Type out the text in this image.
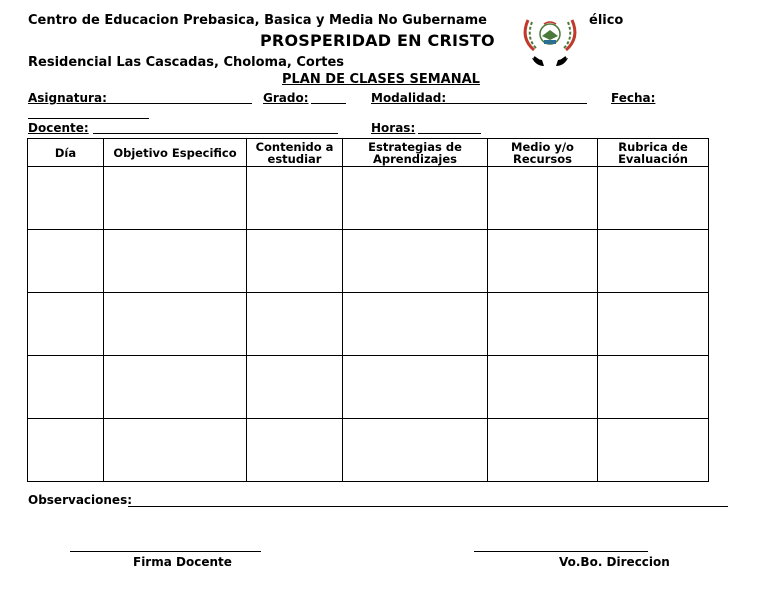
Centro de Educacion Prebasica, Basica y Media No Gubername	élico
PROSPERIDAD EN CRISTO
Residencial Las Cascadas, Choloma, Cortes
PLAN DE CLASES SEMANAL
Asignatura:	Grado:	Modalidad:	Fecha:
Docente:	Horas:
Día	Objetivo Especifico	Contenido a estudiar	Estrategias de Aprendizajes	Medio y/o Recursos	Rubrica de Evaluación

Observaciones:
Firma Docente	Vo.Bo. Direccion
